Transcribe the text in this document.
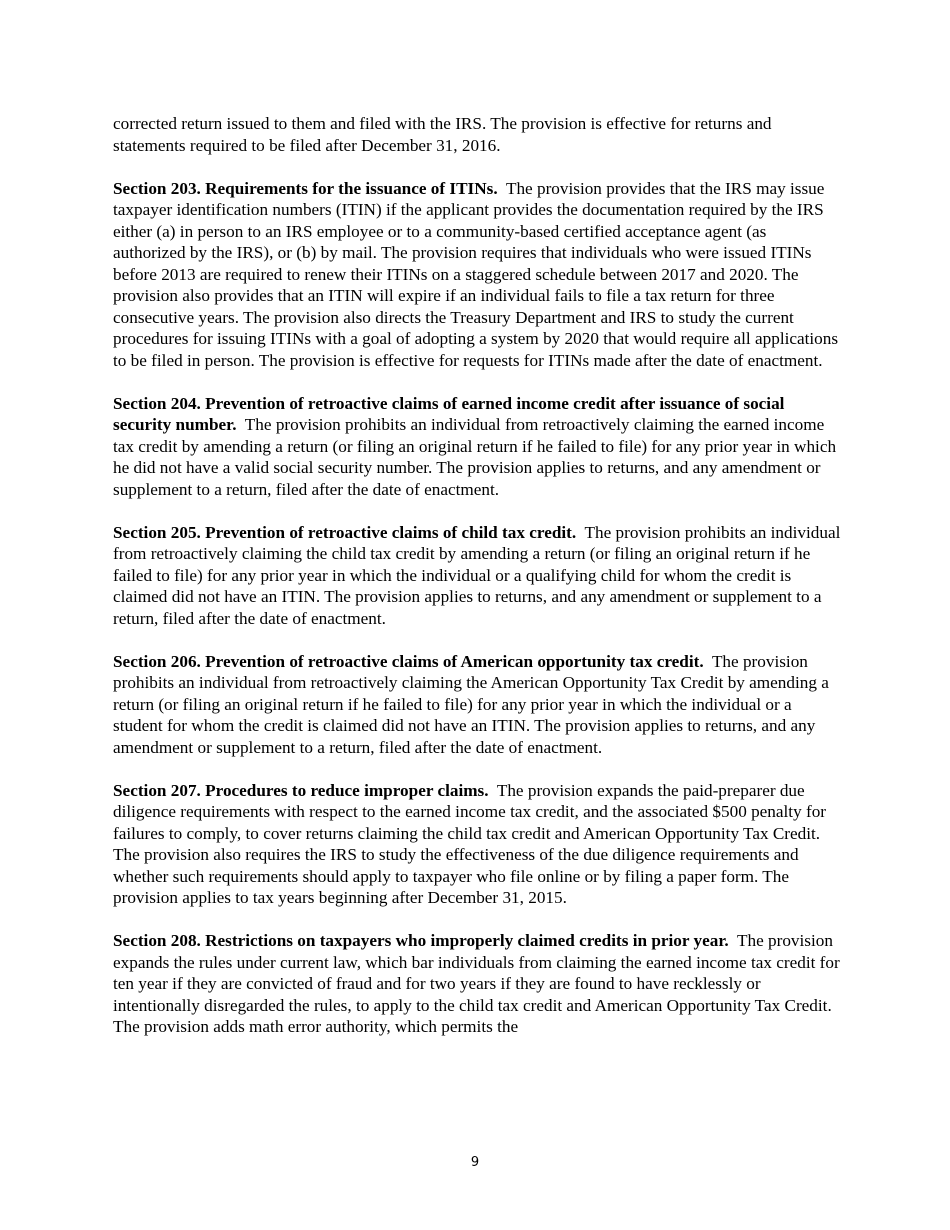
corrected return issued to them and filed with the IRS. The provision is effective for returns and statements required to be filed after December 31, 2016.

Section 203. Requirements for the issuance of ITINs. The provision provides that the IRS may issue taxpayer identification numbers (ITIN) if the applicant provides the documentation required by the IRS either (a) in person to an IRS employee or to a community-based certified acceptance agent (as authorized by the IRS), or (b) by mail. The provision requires that individuals who were issued ITINs before 2013 are required to renew their ITINs on a staggered schedule between 2017 and 2020. The provision also provides that an ITIN will expire if an individual fails to file a tax return for three consecutive years. The provision also directs the Treasury Department and IRS to study the current procedures for issuing ITINs with a goal of adopting a system by 2020 that would require all applications to be filed in person. The provision is effective for requests for ITINs made after the date of enactment.

Section 204. Prevention of retroactive claims of earned income credit after issuance of social security number. The provision prohibits an individual from retroactively claiming the earned income tax credit by amending a return (or filing an original return if he failed to file) for any prior year in which he did not have a valid social security number. The provision applies to returns, and any amendment or supplement to a return, filed after the date of enactment.

Section 205. Prevention of retroactive claims of child tax credit. The provision prohibits an individual from retroactively claiming the child tax credit by amending a return (or filing an original return if he failed to file) for any prior year in which the individual or a qualifying child for whom the credit is claimed did not have an ITIN. The provision applies to returns, and any amendment or supplement to a return, filed after the date of enactment.

Section 206. Prevention of retroactive claims of American opportunity tax credit. The provision prohibits an individual from retroactively claiming the American Opportunity Tax Credit by amending a return (or filing an original return if he failed to file) for any prior year in which the individual or a student for whom the credit is claimed did not have an ITIN. The provision applies to returns, and any amendment or supplement to a return, filed after the date of enactment.

Section 207. Procedures to reduce improper claims. The provision expands the paid-preparer due diligence requirements with respect to the earned income tax credit, and the associated $500 penalty for failures to comply, to cover returns claiming the child tax credit and American Opportunity Tax Credit. The provision also requires the IRS to study the effectiveness of the due diligence requirements and whether such requirements should apply to taxpayer who file online or by filing a paper form. The provision applies to tax years beginning after December 31, 2015.

Section 208. Restrictions on taxpayers who improperly claimed credits in prior year. The provision expands the rules under current law, which bar individuals from claiming the earned income tax credit for ten year if they are convicted of fraud and for two years if they are found to have recklessly or intentionally disregarded the rules, to apply to the child tax credit and American Opportunity Tax Credit. The provision adds math error authority, which permits the

9
